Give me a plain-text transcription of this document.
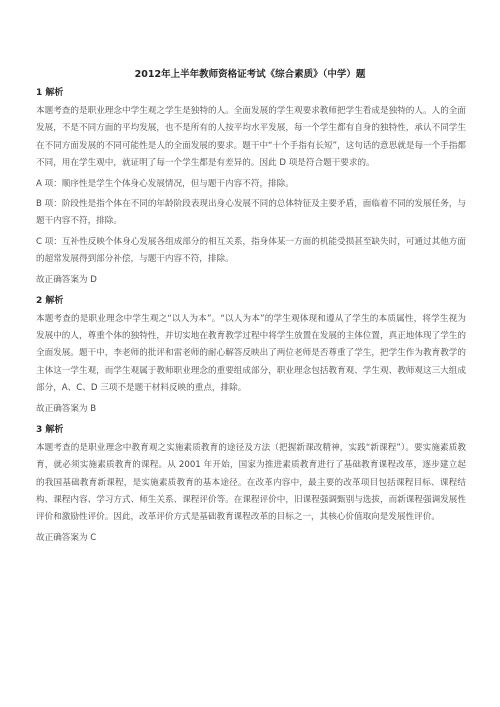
2012年上半年教师资格证考试《综合素质》（中学）题
1 解析

本题考查的是职业理念中学生观之学生是独特的人。全面发展的学生观要求教师把学生看成是独特的人。人的全面发展，不是不同方面的平均发展，也不是所有的人按平均水平发展，每一个学生都有自身的独特性，承认不同学生在不同方面发展的不同可能性是人的全面发展的要求。题干中“十个手指有长短”，这句话的意思就是每一个手指都不同，用在学生观中，就证明了每一个学生都是有差异的。因此 D 项是符合题干要求的。

A 项：顺序性是学生个体身心发展情况，但与题干内容不符，排除。

B 项：阶段性是指个体在不同的年龄阶段表现出身心发展不同的总体特征及主要矛盾，面临着不同的发展任务，与题干内容不符，排除。

C 项：互补性反映个体身心发展各组成部分的相互关系，指身体某一方面的机能受损甚至缺失时，可通过其他方面的超常发展得到部分补偿，与题干内容不符，排除。

故正确答案为 D
2 解析

本题考查的是职业理念中学生观之“以人为本”。“以人为本”的学生观体现和遵从了学生的本质属性，将学生视为发展中的人，尊重个体的独特性，并切实地在教育教学过程中将学生放置在发展的主体位置，真正地体现了学生的全面发展。题干中，李老师的批评和雷老师的耐心解答反映出了两位老师是否尊重了学生，把学生作为教育教学的主体这一学生观，而学生观属于教师职业理念的重要组成部分，职业理念包括教育观、学生观、教师观这三大组成部分，A、C、D 三项不是题干材料反映的重点，排除。

故正确答案为 B
3 解析

本题考查的是职业理念中教育观之实施素质教育的途径及方法（把握新课改精神，实践“新课程”）。要实施素质教育，就必须实施素质教育的课程。从 2001 年开始，国家为推进素质教育进行了基础教育课程改革，逐步建立起的我国基础教育新课程，是实施素质教育的基本途径。在改革内容中，最主要的改革项目包括课程目标、课程结构、课程内容、学习方式、师生关系、课程评价等。在课程评价中，旧课程强调甄别与选拔，而新课程强调发展性评价和激励性评价。因此，改革评价方式是基础教育课程改革的目标之一，其核心价值取向是发展性评价。

故正确答案为 C
